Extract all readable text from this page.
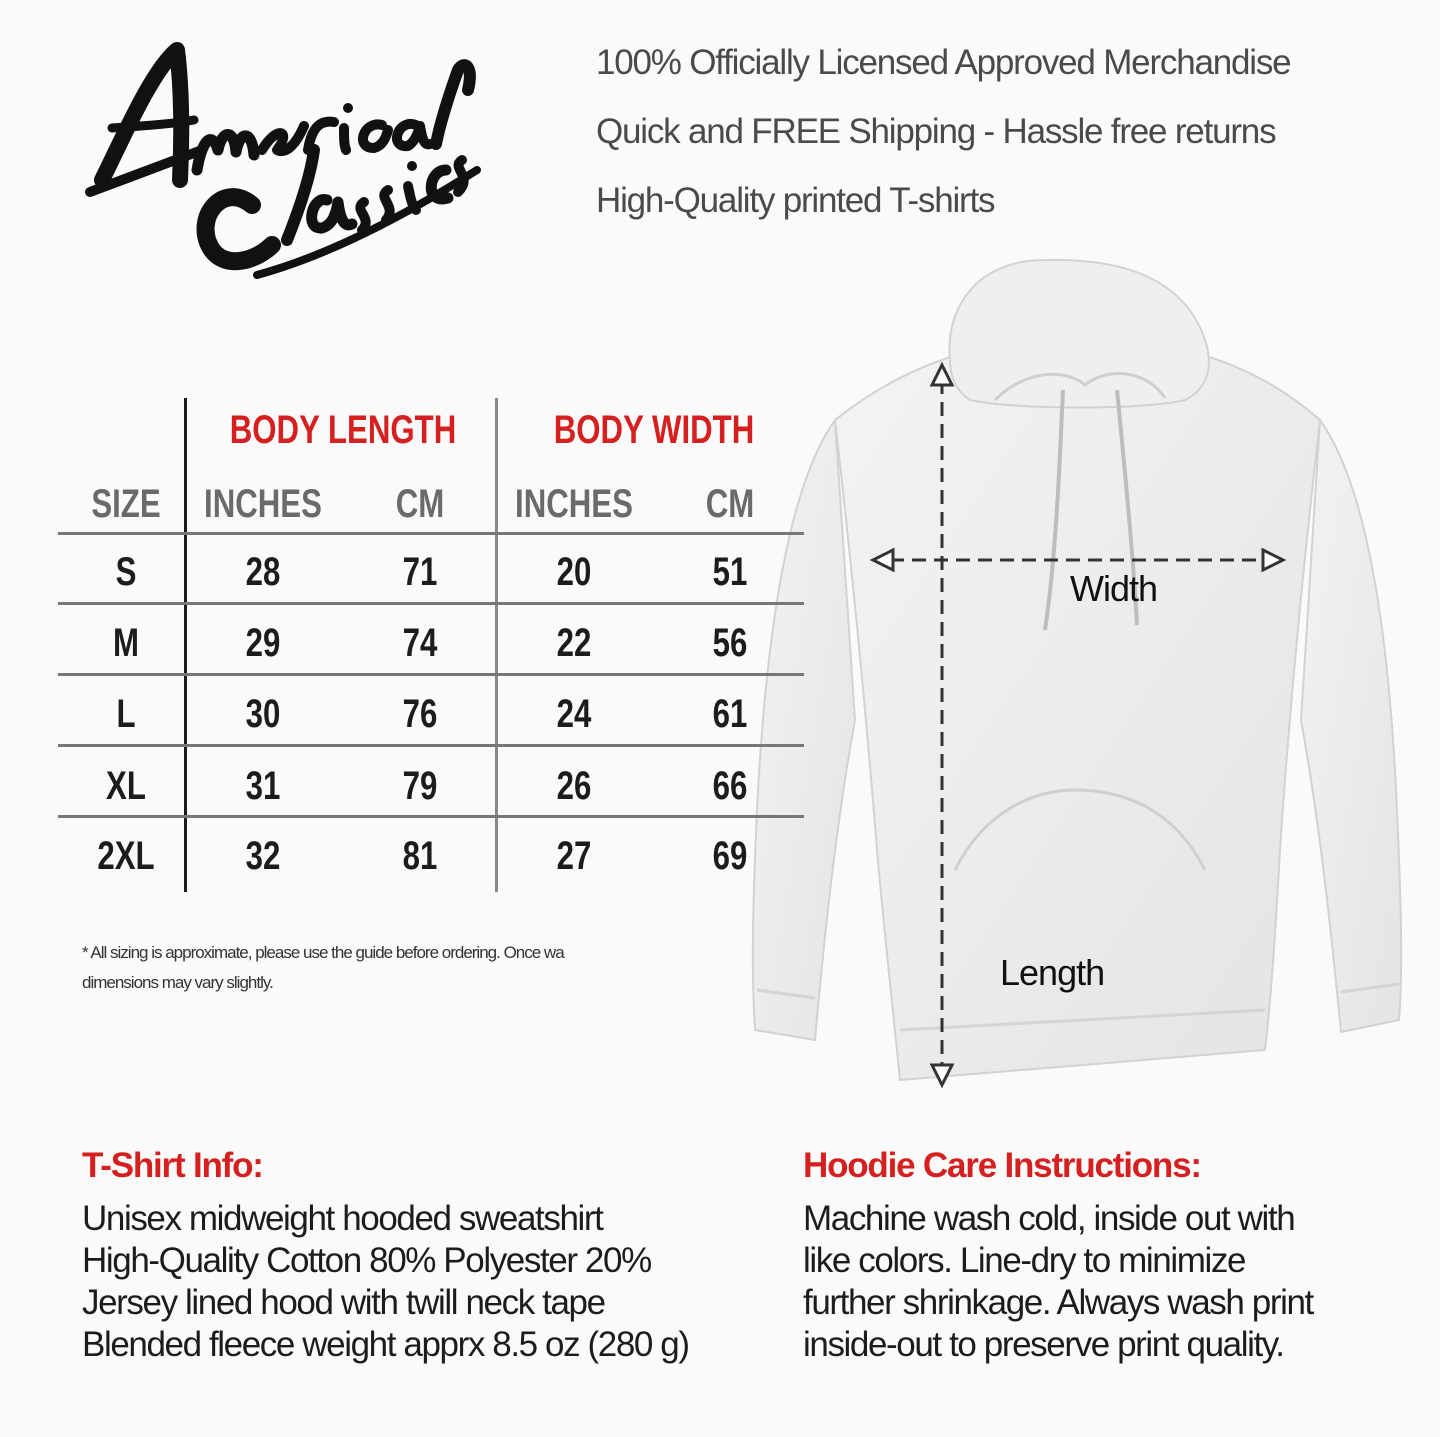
100% Officially Licensed Approved Merchandise
Quick and FREE Shipping - Hassle free returns
High-Quality printed T-shirts
Width
Length
BODY LENGTH	BODY WIDTH
SIZE	INCHES	CM	INCHES	CM
S	28	71	20	51
M	29	74	22	56
L	30	76	24	61
XL	31	79	26	66
2XL	32	81	27	69
* All sizing is approximate, please use the guide before ordering. Once wa
dimensions may vary slightly.
T-Shirt Info:
Unisex midweight hooded sweatshirt
High-Quality Cotton 80% Polyester 20%
Jersey lined hood with twill neck tape
Blended fleece weight apprx 8.5 oz (280 g)
Hoodie Care Instructions:
Machine wash cold, inside out with
like colors. Line-dry to minimize
further shrinkage. Always wash print
inside-out to preserve print quality.
